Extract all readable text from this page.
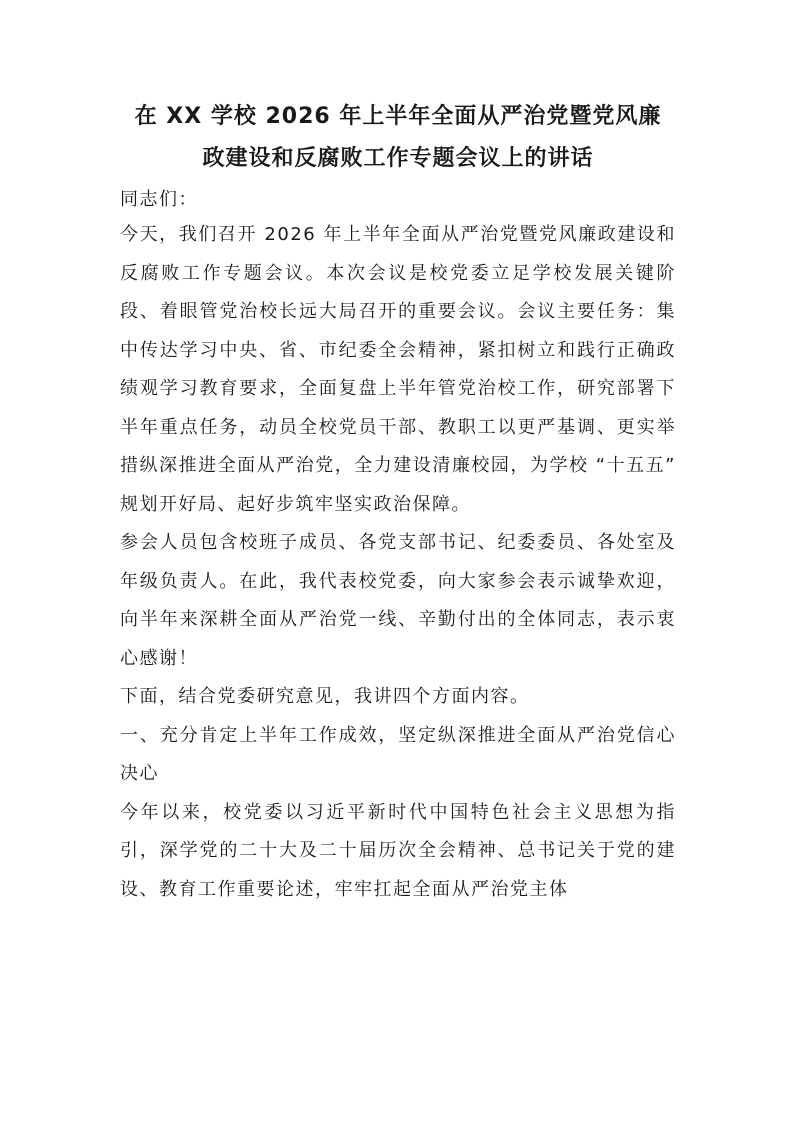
在 XX 学校 2026 年上半年全面从严治党暨党风廉
政建设和反腐败工作专题会议上的讲话

同志们：

今天，我们召开 2026 年上半年全面从严治党暨党风廉政建设和反腐败工作专题会议。本次会议是校党委立足学校发展关键阶段、着眼管党治校长远大局召开的重要会议。会议主要任务：集中传达学习中央、省、市纪委全会精神，紧扣树立和践行正确政绩观学习教育要求，全面复盘上半年管党治校工作，研究部署下半年重点任务，动员全校党员干部、教职工以更严基调、更实举措纵深推进全面从严治党，全力建设清廉校园，为学校 “十五五” 规划开好局、起好步筑牢坚实政治保障。

参会人员包含校班子成员、各党支部书记、纪委委员、各处室及年级负责人。在此，我代表校党委，向大家参会表示诚挚欢迎，向半年来深耕全面从严治党一线、辛勤付出的全体同志，表示衷心感谢！

下面，结合党委研究意见，我讲四个方面内容。

一、充分肯定上半年工作成效，坚定纵深推进全面从严治党信心决心

今年以来，校党委以习近平新时代中国特色社会主义思想为指引，深学党的二十大及二十届历次全会精神、总书记关于党的建设、教育工作重要论述，牢牢扛起全面从严治党主体
